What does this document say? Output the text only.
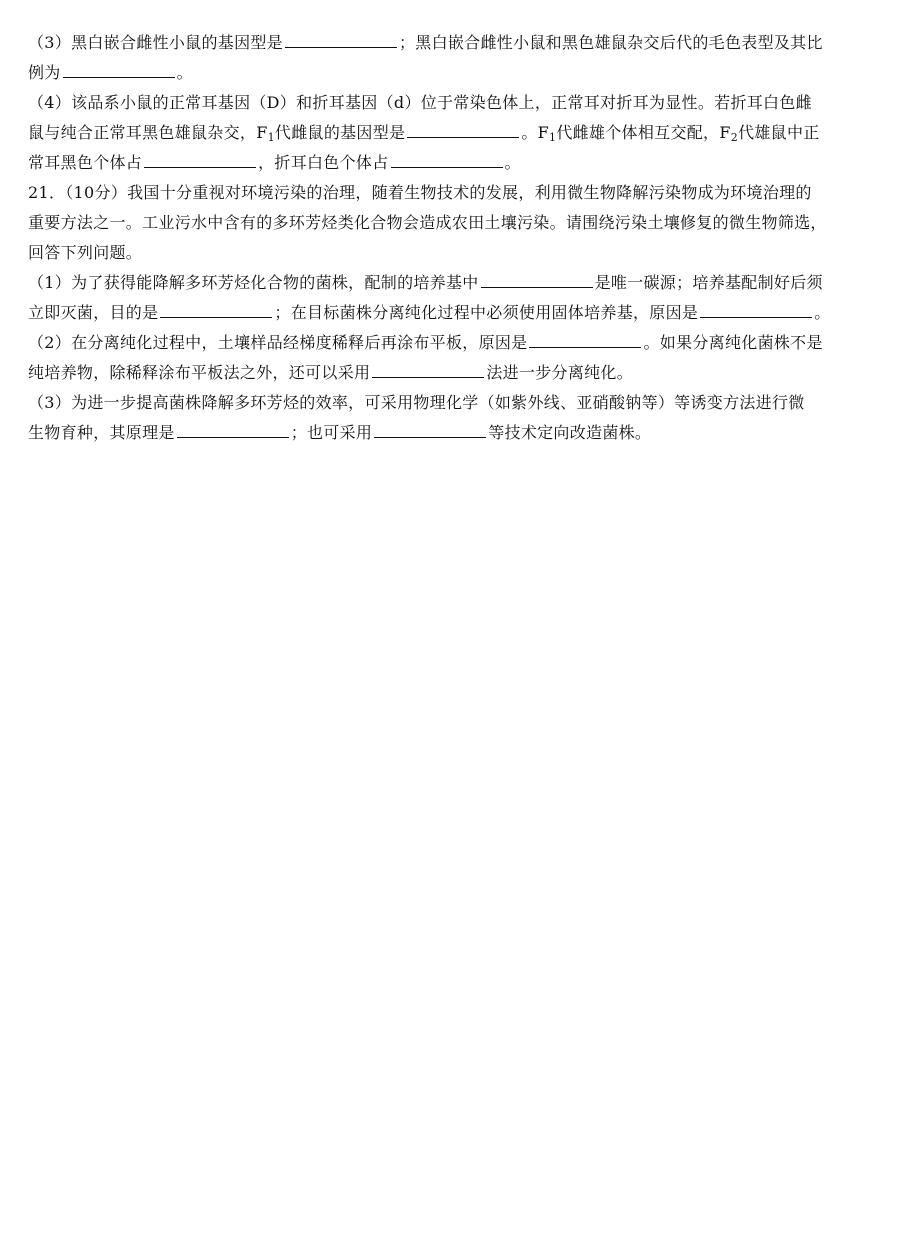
（3）黑白嵌合雌性小鼠的基因型是	；黑白嵌合雌性小鼠和黑色雄鼠杂交后代的毛色表型及其比
例为	。
（4）该品系小鼠的正常耳基因（D）和折耳基因（d）位于常染色体上，正常耳对折耳为显性。若折耳白色雌
鼠与纯合正常耳黑色雄鼠杂交，$F_1$代雌鼠的基因型是	。$F_1$代雌雄个体相互交配，$F_2$代雄鼠中正
常耳黑色个体占	，折耳白色个体占	。
21．（10分）我国十分重视对环境污染的治理，随着生物技术的发展，利用微生物降解污染物成为环境治理的
重要方法之一。工业污水中含有的多环芳烃类化合物会造成农田土壤污染。请围绕污染土壤修复的微生物筛选，
回答下列问题。
（1）为了获得能降解多环芳烃化合物的菌株，配制的培养基中	是唯一碳源；培养基配制好后须
立即灭菌，目的是	；在目标菌株分离纯化过程中必须使用固体培养基，原因是	。
（2）在分离纯化过程中，土壤样品经梯度稀释后再涂布平板，原因是	。如果分离纯化菌株不是
纯培养物，除稀释涂布平板法之外，还可以采用	法进一步分离纯化。
（3）为进一步提高菌株降解多环芳烃的效率，可采用物理化学（如紫外线、亚硝酸钠等）等诱变方法进行微
生物育种，其原理是	；也可采用	等技术定向改造菌株。
